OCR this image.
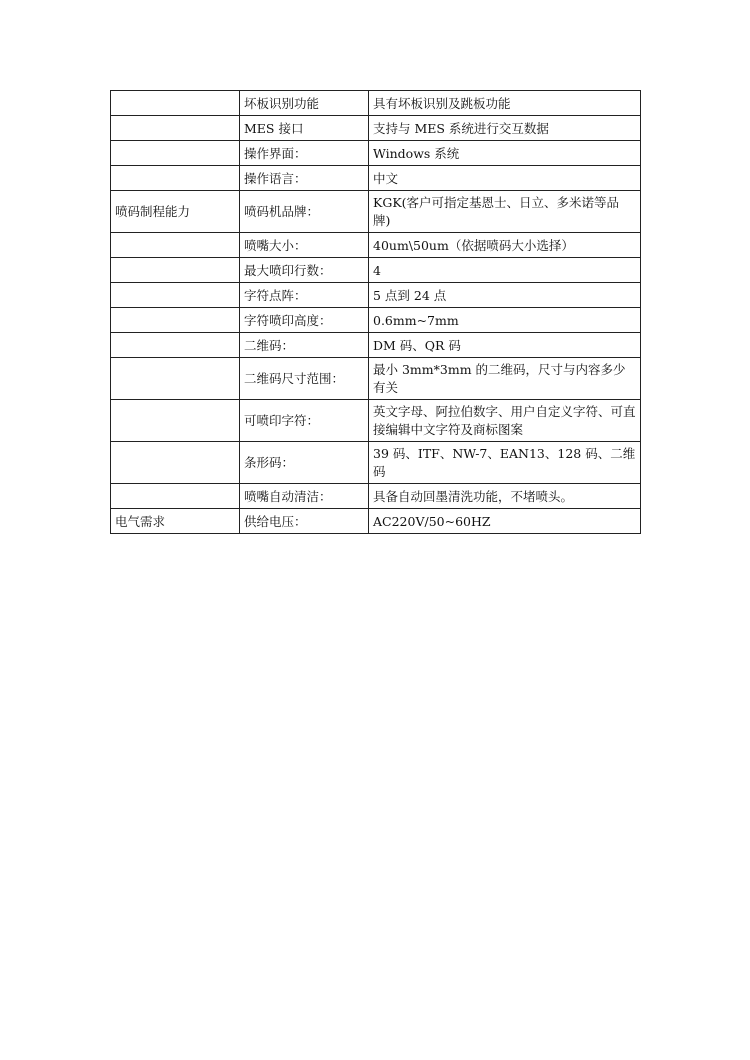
	坏板识别功能	具有坏板识别及跳板功能
	MES 接口	支持与 MES 系统进行交互数据
	操作界面：	Windows 系统
	操作语言：	中文
喷码制程能力	喷码机品牌：	KGK(客户可指定基恩士、日立、多米诺等品牌)
	喷嘴大小：	40um\50um（依据喷码大小选择）
	最大喷印行数：	4
	字符点阵：	5 点到 24 点
	字符喷印高度：	0.6mm~7mm
	二维码：	DM 码、QR 码
	二维码尺寸范围：	最小 3mm*3mm 的二维码，尺寸与内容多少有关
	可喷印字符：	英文字母、阿拉伯数字、用户自定义字符、可直接编辑中文字符及商标图案
	条形码：	39 码、ITF、NW-7、EAN13、128 码、二维码
	喷嘴自动清洁：	具备自动回墨清洗功能，不堵喷头。
电气需求	供给电压：	AC220V/50~60HZ
